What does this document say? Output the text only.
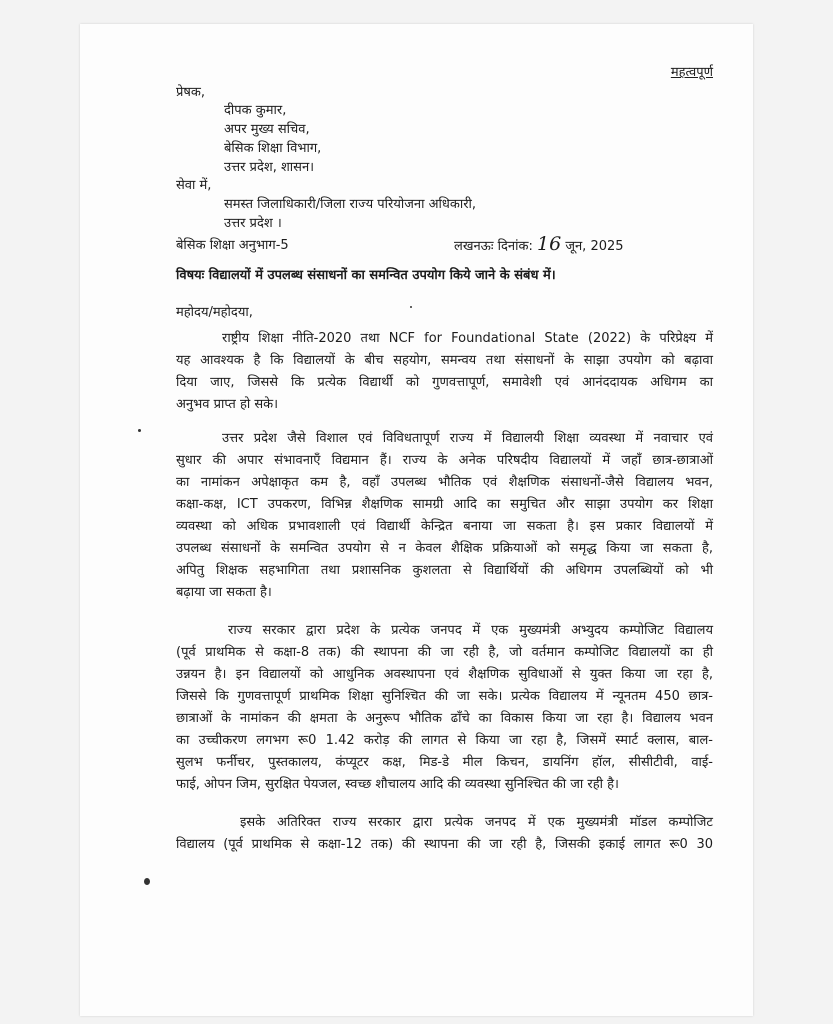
महत्वपूर्ण
प्रेषक,
दीपक कुमार,
अपर मुख्य सचिव,
बेसिक शिक्षा विभाग,
उत्तर प्रदेश, शासन।
सेवा में,
समस्त जिलाधिकारी/जिला राज्य परियोजना अधिकारी,
उत्तर प्रदेश ।
बेसिक शिक्षा अनुभाग-5	लखनऊः दिनांक: 16 जून, 2025
विषयः विद्यालयों में उपलब्ध संसाधनों का समन्वित उपयोग किये जाने के संबंध में।
महोदय/महोदया,
राष्ट्रीय शिक्षा नीति-2020 तथा NCF for Foundational State (2022) के परिप्रेक्ष्य में
यह आवश्यक है कि विद्यालयों के बीच सहयोग, समन्वय तथा संसाधनों के साझा उपयोग को बढ़ावा
दिया जाए, जिससे कि प्रत्येक विद्यार्थी को गुणवत्तापूर्ण, समावेशी एवं आनंददायक अधिगम का
अनुभव प्राप्त हो सके।
उत्तर प्रदेश जैसे विशाल एवं विविधतापूर्ण राज्य में विद्यालयी शिक्षा व्यवस्था में नवाचार एवं
सुधार की अपार संभावनाएँ विद्यमान हैं। राज्य के अनेक परिषदीय विद्यालयों में जहाँ छात्र-छात्राओं
का नामांकन अपेक्षाकृत कम है, वहाँ उपलब्ध भौतिक एवं शैक्षणिक संसाधनों-जैसे विद्यालय भवन,
कक्षा-कक्ष, ICT उपकरण, विभिन्न शैक्षणिक सामग्री आदि का समुचित और साझा उपयोग कर शिक्षा
व्यवस्था को अधिक प्रभावशाली एवं विद्यार्थी केन्द्रित बनाया जा सकता है। इस प्रकार विद्यालयों में
उपलब्ध संसाधनों के समन्वित उपयोग से न केवल शैक्षिक प्रक्रियाओं को समृद्ध किया जा सकता है,
अपितु शिक्षक सहभागिता तथा प्रशासनिक कुशलता से विद्यार्थियों की अधिगम उपलब्धियों को भी
बढ़ाया जा सकता है।
राज्य सरकार द्वारा प्रदेश के प्रत्येक जनपद में एक मुख्यमंत्री अभ्युदय कम्पोजिट विद्यालय
(पूर्व प्राथमिक से कक्षा-8 तक) की स्थापना की जा रही है, जो वर्तमान कम्पोजिट विद्यालयों का ही
उन्नयन है। इन विद्यालयों को आधुनिक अवस्थापना एवं शैक्षणिक सुविधाओं से युक्त किया जा रहा है,
जिससे कि गुणवत्तापूर्ण प्राथमिक शिक्षा सुनिश्चित की जा सके। प्रत्येक विद्यालय में न्यूनतम 450 छात्र-
छात्राओं के नामांकन की क्षमता के अनुरूप भौतिक ढाँचे का विकास किया जा रहा है। विद्यालय भवन
का उच्चीकरण लगभग रू0 1.42 करोड़ की लागत से किया जा रहा है, जिसमें स्मार्ट क्लास, बाल-
सुलभ फर्नीचर, पुस्तकालय, कंप्यूटर कक्ष, मिड-डे मील किचन, डायनिंग हॉल, सीसीटीवी, वाई-
फाई, ओपन जिम, सुरक्षित पेयजल, स्वच्छ शौचालय आदि की व्यवस्था सुनिश्चित की जा रही है।
इसके अतिरिक्त राज्य सरकार द्वारा प्रत्येक जनपद में एक मुख्यमंत्री मॉडल कम्पोजिट
विद्यालय (पूर्व प्राथमिक से कक्षा-12 तक) की स्थापना की जा रही है, जिसकी इकाई लागत रू0 30
